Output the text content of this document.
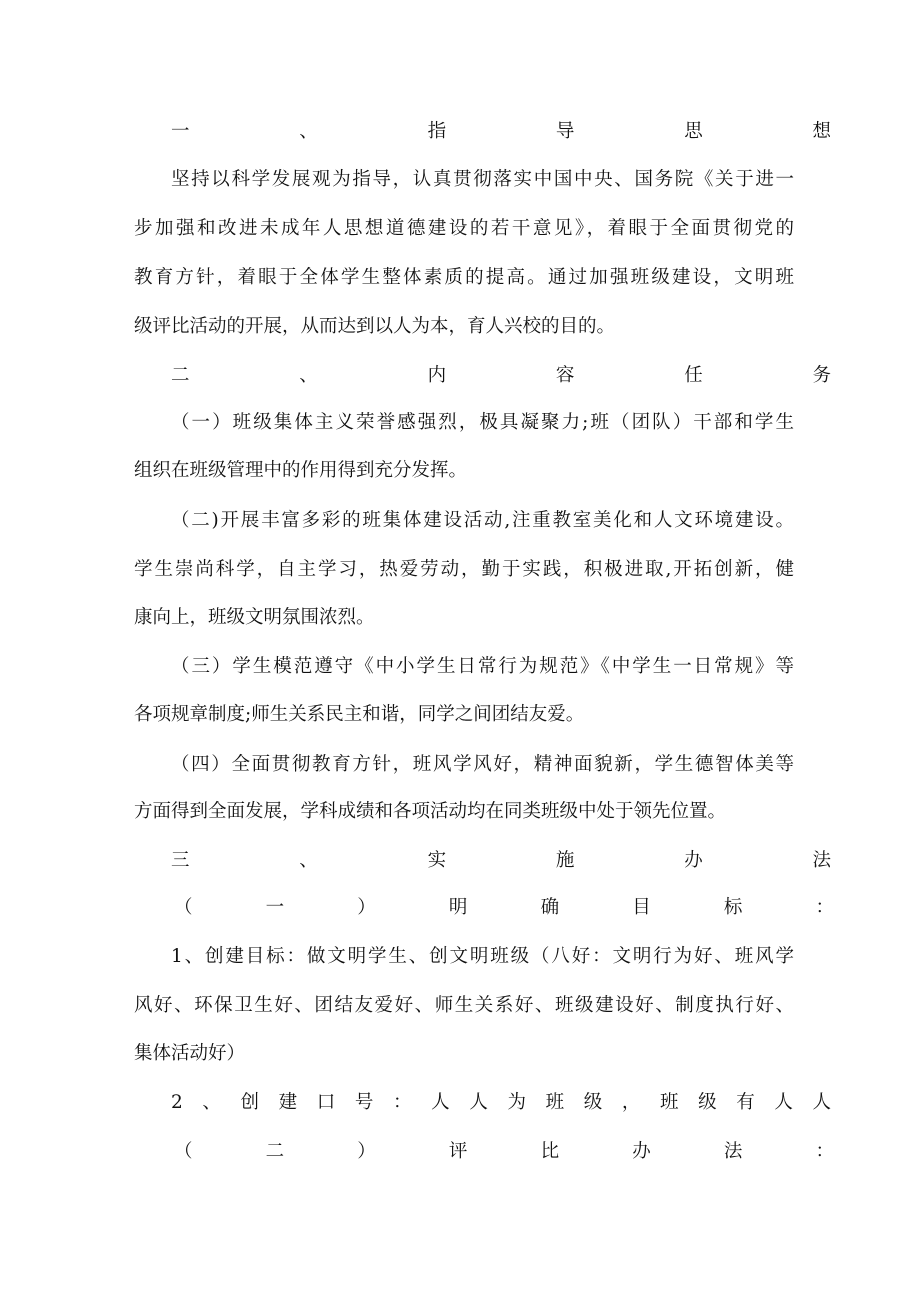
一、指导思想
坚持以科学发展观为指导，认真贯彻落实中国中央、国务院《关于进一
步加强和改进未成年人思想道德建设的若干意见》，着眼于全面贯彻党的
教育方针，着眼于全体学生整体素质的提高。通过加强班级建设，文明班
级评比活动的开展，从而达到以人为本，育人兴校的目的。
二、内容任务
（一）班级集体主义荣誉感强烈，极具凝聚力;班（团队）干部和学生
组织在班级管理中的作用得到充分发挥。
（二)开展丰富多彩的班集体建设活动,注重教室美化和人文环境建设。
学生崇尚科学，自主学习，热爱劳动，勤于实践，积极进取,开拓创新，健
康向上，班级文明氛围浓烈。
（三）学生模范遵守《中小学生日常行为规范》《中学生一日常规》等
各项规章制度;师生关系民主和谐，同学之间团结友爱。
（四）全面贯彻教育方针，班风学风好，精神面貌新，学生德智体美等
方面得到全面发展，学科成绩和各项活动均在同类班级中处于领先位置。
三、实施办法
（一）明确目标：
1、创建目标：做文明学生、创文明班级（八好：文明行为好、班风学
风好、环保卫生好、团结友爱好、师生关系好、班级建设好、制度执行好、
集体活动好）
2、创建口号：人人为班级，班级有人人
（二）评比办法：
